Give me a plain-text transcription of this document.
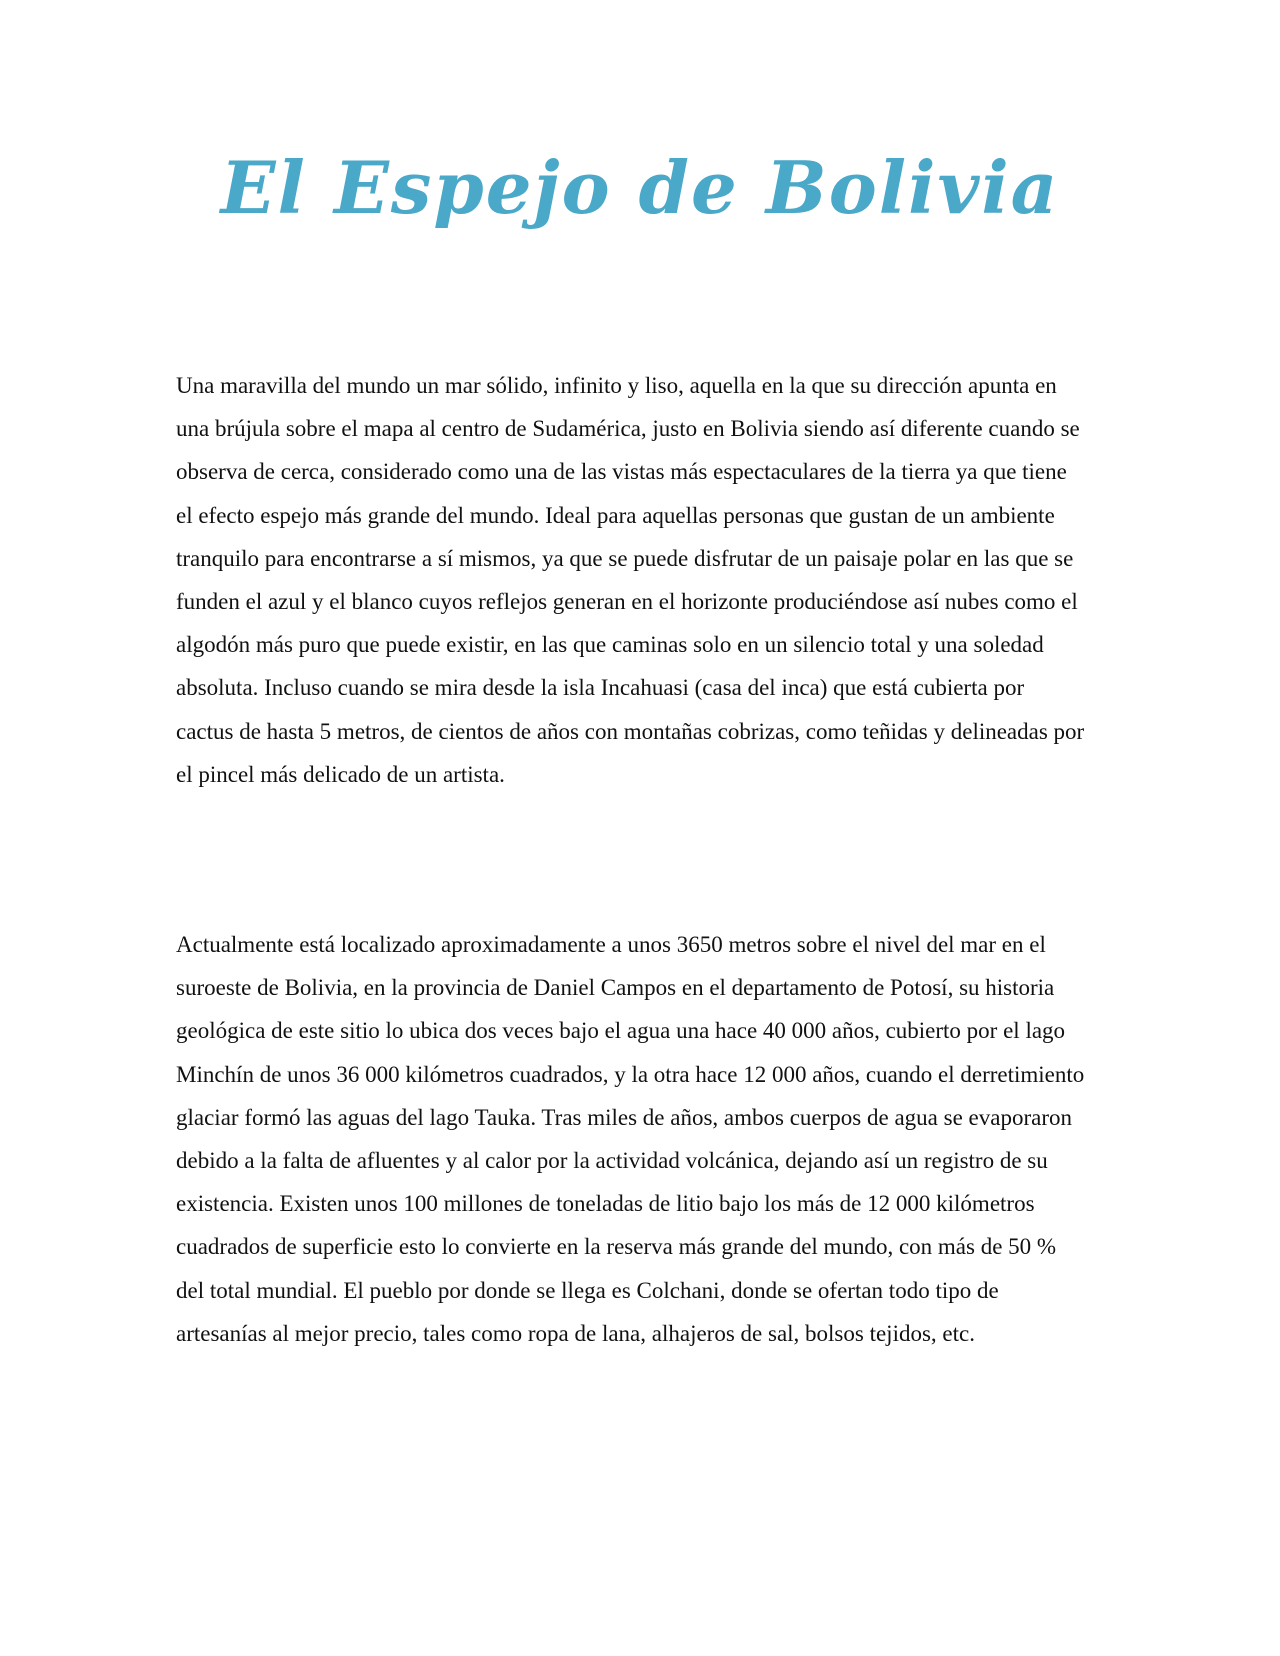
El Espejo de Bolivia

Una maravilla del mundo un mar sólido, infinito y liso, aquella en la que su dirección apunta en una brújula sobre el mapa al centro de Sudamérica, justo en Bolivia siendo así diferente cuando se observa de cerca, considerado como una de las vistas más espectaculares de la tierra ya que tiene el efecto espejo más grande del mundo. Ideal para aquellas personas que gustan de un ambiente tranquilo para encontrarse a sí mismos, ya que se puede disfrutar de un paisaje polar en las que se funden el azul y el blanco cuyos reflejos generan en el horizonte produciéndose así nubes como el algodón más puro que puede existir, en las que caminas solo en un silencio total y una soledad absoluta. Incluso cuando se mira desde la isla Incahuasi (casa del inca) que está cubierta por cactus de hasta 5 metros, de cientos de años con montañas cobrizas, como teñidas y delineadas por el pincel más delicado de un artista.

Actualmente está localizado aproximadamente a unos 3650 metros sobre el nivel del mar en el suroeste de Bolivia, en la provincia de Daniel Campos en el departamento de Potosí, su historia geológica de este sitio lo ubica dos veces bajo el agua una hace 40 000 años, cubierto por el lago Minchín de unos 36 000 kilómetros cuadrados, y la otra hace 12 000 años, cuando el derretimiento glaciar formó las aguas del lago Tauka. Tras miles de años, ambos cuerpos de agua se evaporaron debido a la falta de afluentes y al calor por la actividad volcánica, dejando así un registro de su existencia. Existen unos 100 millones de toneladas de litio bajo los más de 12 000 kilómetros cuadrados de superficie esto lo convierte en la reserva más grande del mundo, con más de 50 % del total mundial. El pueblo por donde se llega es Colchani, donde se ofertan todo tipo de artesanías al mejor precio, tales como ropa de lana, alhajeros de sal, bolsos tejidos, etc.
